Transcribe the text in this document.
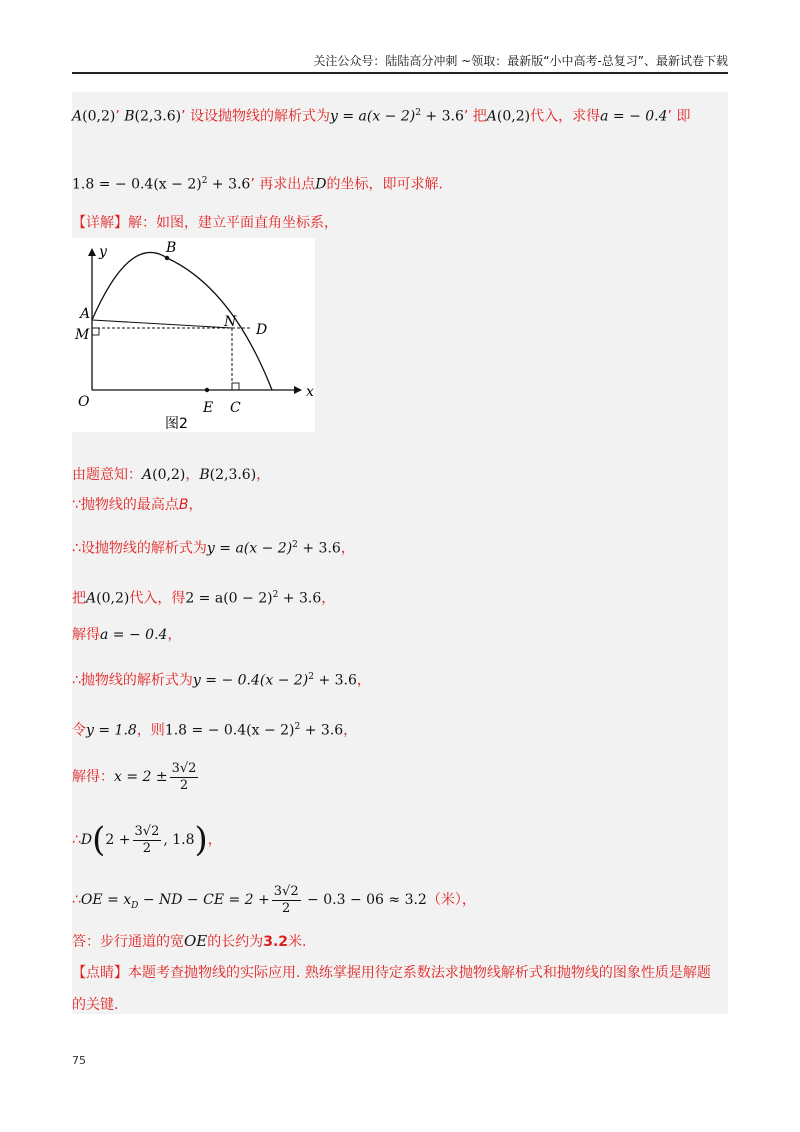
关注公众号：陆陆高分冲刺 ~领取：最新版“小中高考-总复习”、最新试卷下载
A(0,2)’ B(2,3.6)’ 设设抛物线的解析式为$y = a(x - 2)^2 + 3.6$’ 把A(0,2)代入，求得a = − 0.4’ 即
1.8 = − $0.4(x - 2)^2 + 3.6$’ 再求出点D的坐标，即可求解.
【详解】解：如图，建立平面直角坐标系，
y
x
B
A
M
N D
O	E C
图2
由题意知：A(0,2)，B(2,3.6)，
∵抛物线的最高点B，
∴设抛物线的解析式为$y = a(x - 2)^2 + 3.6$，
把A(0,2)代入，得$2 = a(0 - 2)^2 + 3.6$，
解得a = − 0.4，
∴抛物线的解析式为y = − $0.4(x - 2)^2 + 3.6$，
令y = 1.8，则1.8 = − $0.4(x - 2)^2 + 3.6$，
解得：$x = 2 \pm \frac{3√2}{2}$
∴D(2 + $\frac{3√2}{2}$ , 1.8)，
∴OE = $x_D$ − ND − CE = $2 + \frac{3√2}{2} - 0.3 - 06 \approx 3.2$（米），
答：步行通道的宽OE的长约为3.2米.
【点睛】本题考查抛物线的实际应用. 熟练掌握用待定系数法求抛物线解析式和抛物线的图象性质是解题
的关键.
75
